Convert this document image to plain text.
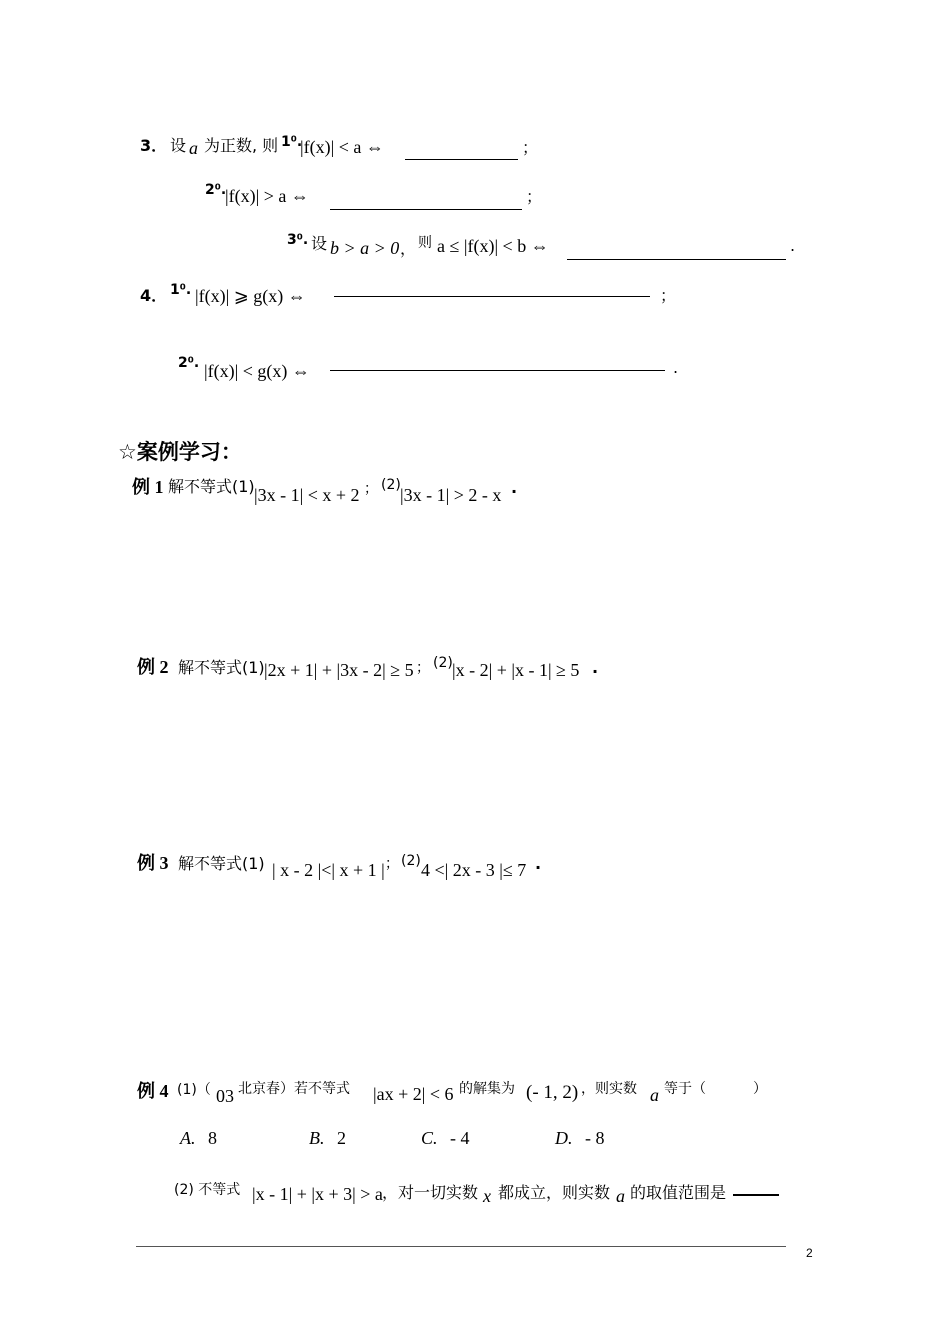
3． 设 a 为正数, 则 1⁰.
|f(x)| < a ⇔	；
2⁰.
|f(x)| > a ⇔	；
3⁰. 设 b > a > 0 ， 则 a ≤ |f(x)| < b ⇔	.
4． 1⁰. |f(x)| ⩾ g(x) ⇔	；
2⁰. |f(x)| < g(x) ⇔	.
☆案例学习：
例 1 解不等式(1) |3x - 1| < x + 2 ； (2) |3x - 1| > 2 - x .
例 2 解不等式(1) |2x + 1| + |3x - 2| ≥ 5 ； (2) |x - 2| + |x - 1| ≥ 5 .
例 3 解不等式(1) | x - 2 |<| x + 1 | ； (2) 4 <| 2x - 3 |≤ 7 .
例 4 (1)（ 03 北京春）若不等式 |ax + 2| < 6 的解集为 (- 1, 2) ，则实数 a 等于（	）
A. 8	B. 2	C. - 4	D. - 8
(2) 不等式 |x - 1| + |x + 3| > a ，对一切实数 x 都成立，则实数 a 的取值范围是
2
